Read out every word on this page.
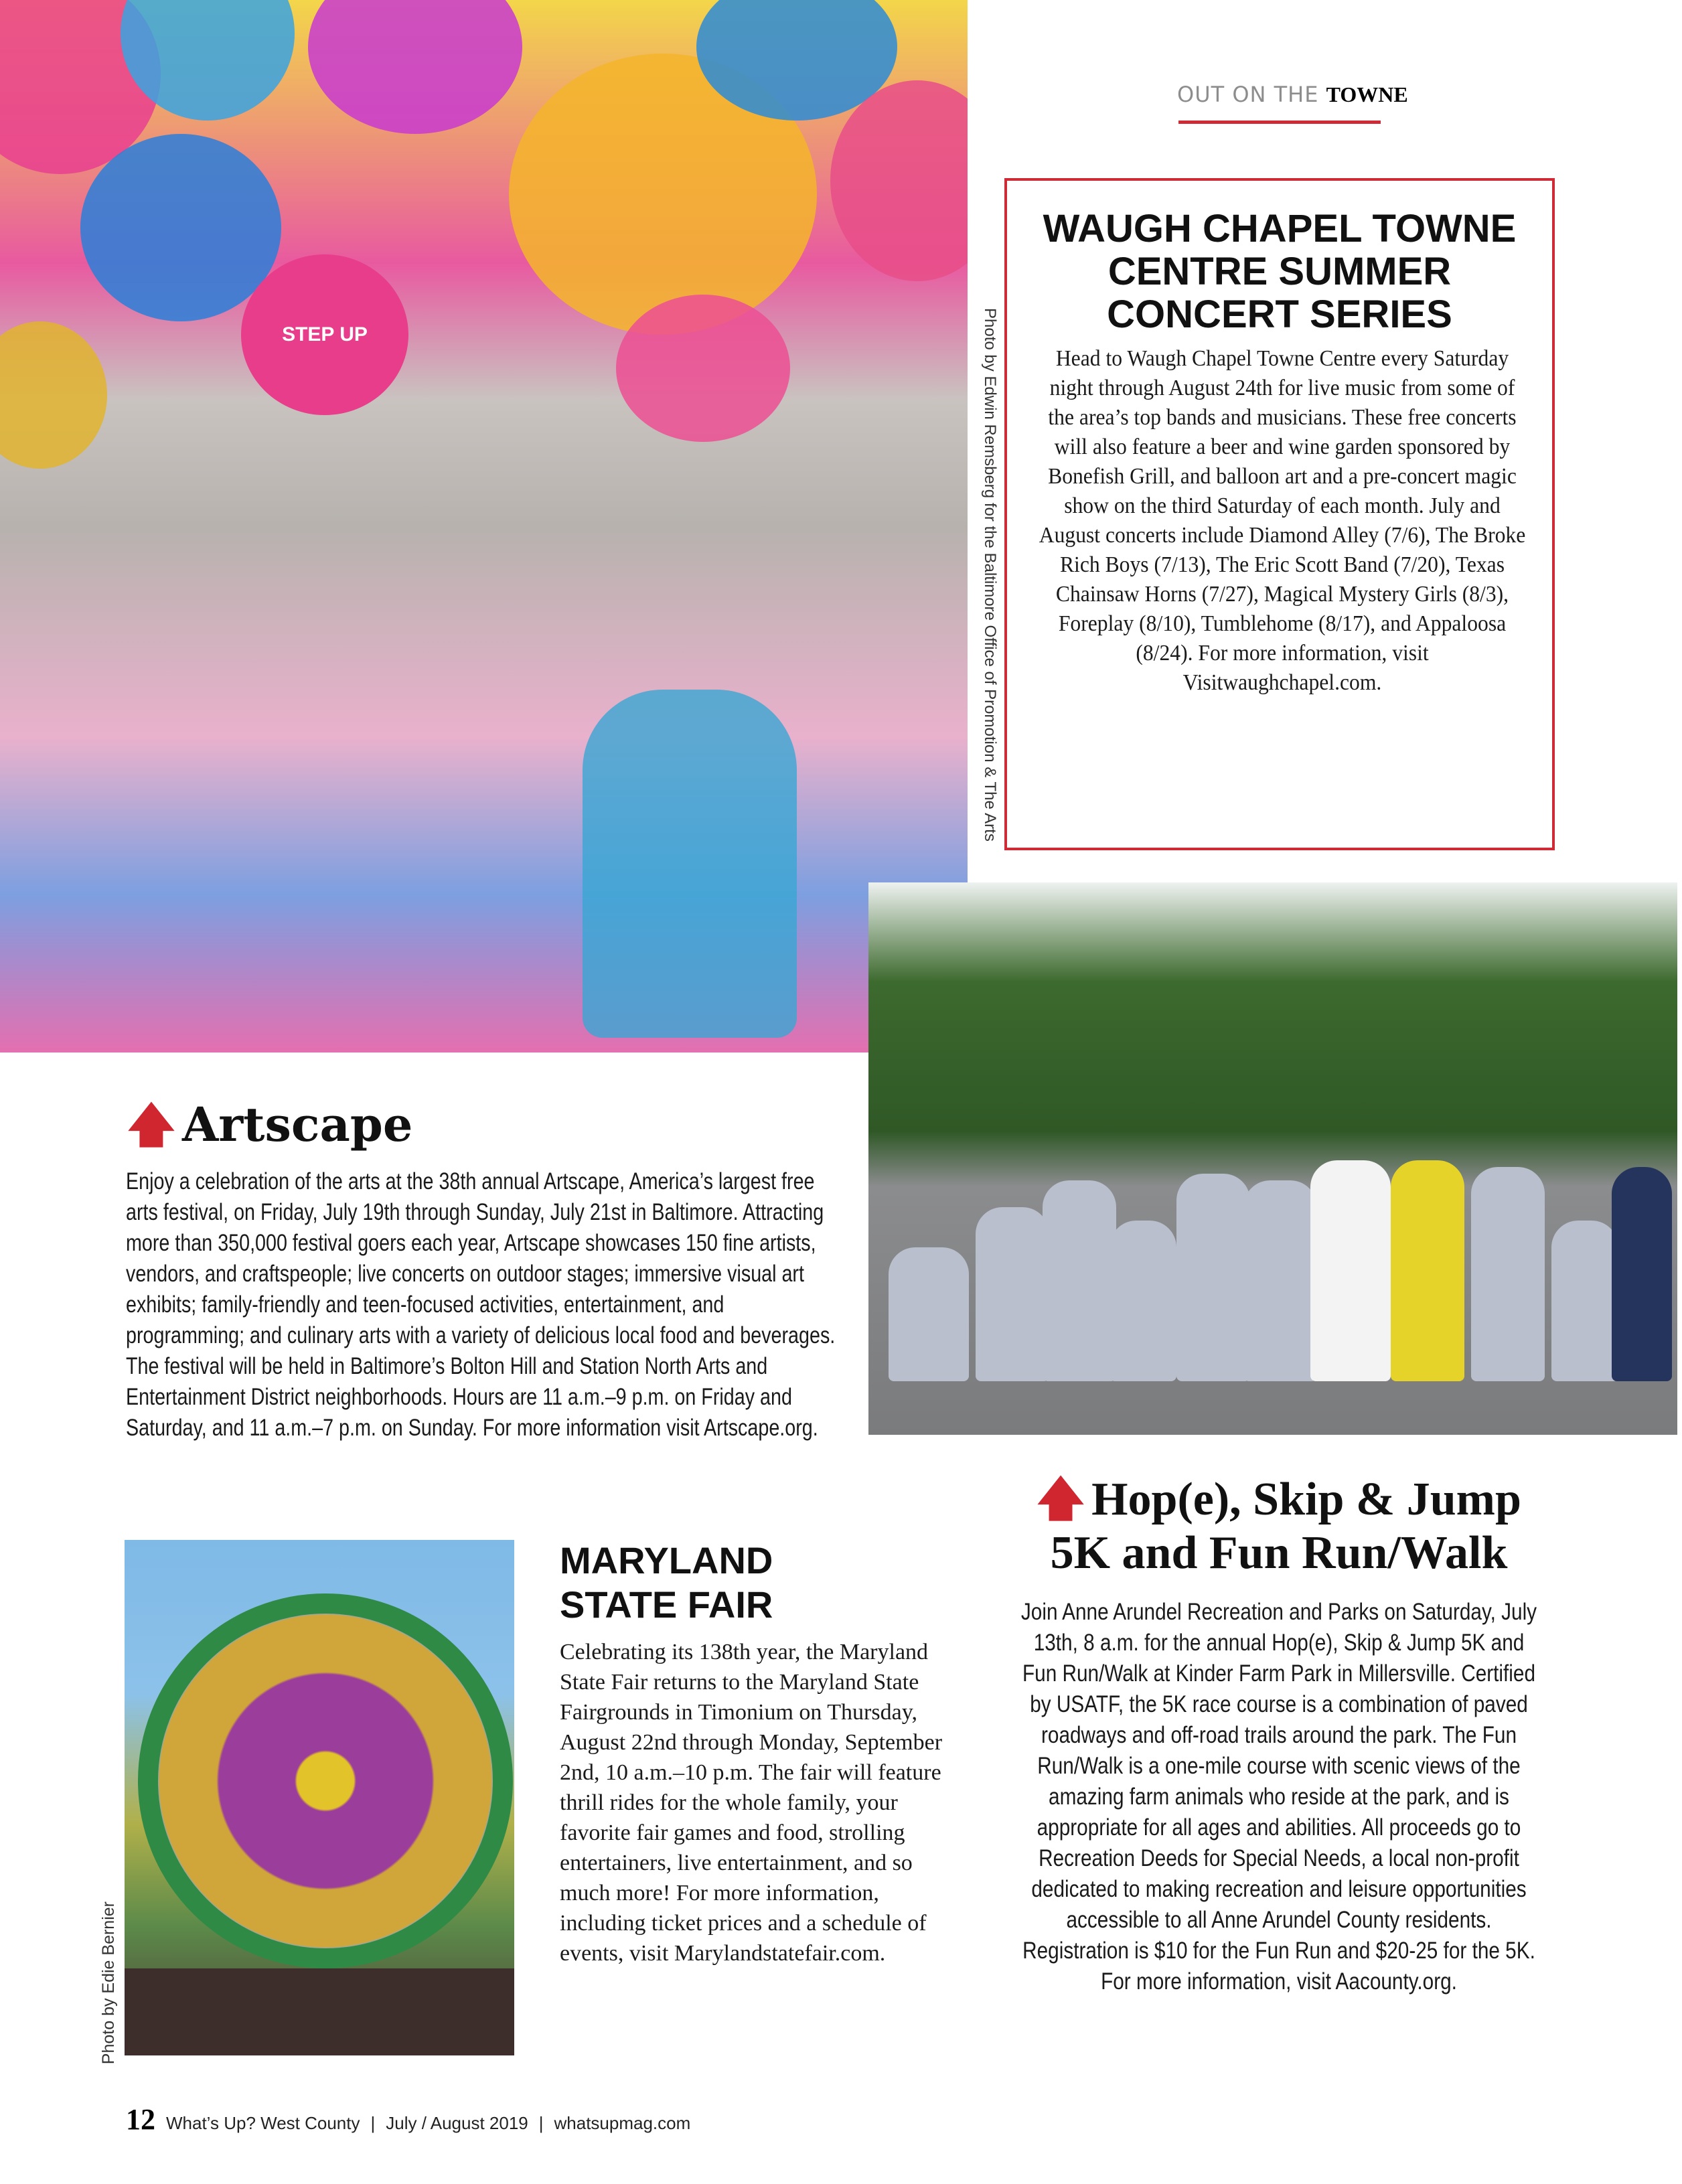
STEP UP	Photo by Edwin Remsberg for the Baltimore Office of Promotion & The Arts
OUT ON THE TOWNE
WAUGH CHAPEL TOWNE CENTRE SUMMER CONCERT SERIES

Head to Waugh Chapel Towne Centre every Saturday night through August 24th for live music from some of the area’s top bands and musicians. These free concerts will also feature a beer and wine garden sponsored by Bonefish Grill, and balloon art and a pre-concert magic show on the third Saturday of each month. July and August concerts include Diamond Alley (7/6), The Broke Rich Boys (7/13), The Eric Scott Band (7/20), Texas Chainsaw Horns (7/27), Magical Mystery Girls (8/3), Foreplay (8/10), Tumblehome (8/17), and Appaloosa (8/24). For more information, visit Visitwaughchapel.com.

🡅 Artscape
Enjoy a celebration of the arts at the 38th annual Artscape, America’s largest free arts festival, on Friday, July 19th through Sunday, July 21st in Baltimore. Attracting more than 350,000 festival goers each year, Artscape showcases 150 fine artists, vendors, and craftspeople; live concerts on outdoor stages; immersive visual art exhibits; family-friendly and teen-focused activities, entertainment, and programming; and culinary arts with a variety of delicious local food and beverages. The festival will be held in Baltimore’s Bolton Hill and Station North Arts and Entertainment District neighborhoods. Hours are 11 a.m.–9 p.m. on Friday and Saturday, and 11 a.m.–7 p.m. on Sunday. For more information visit Artscape.org.
Photo by Edie Bernier
MARYLAND
STATE FAIR
Celebrating its 138th year, the Maryland State Fair returns to the Maryland State Fairgrounds in Timonium on Thursday, August 22nd through Monday, September 2nd, 10 a.m.–10 p.m. The fair will feature thrill rides for the whole family, your favorite fair games and food, strolling entertainers, live entertainment, and so much more! For more information, including ticket prices and a schedule of events, visit Marylandstatefair.com.
🡅 Hop(e), Skip & Jump
5K and Fun Run/Walk
Join Anne Arundel Recreation and Parks on Saturday, July 13th, 8 a.m. for the annual Hop(e), Skip & Jump 5K and Fun Run/Walk at Kinder Farm Park in Millersville. Certified by USATF, the 5K race course is a combination of paved roadways and off-road trails around the park. The Fun Run/Walk is a one-mile course with scenic views of the amazing farm animals who reside at the park, and is appropriate for all ages and abilities. All proceeds go to Recreation Deeds for Special Needs, a local non-profit dedicated to making recreation and leisure opportunities accessible to all Anne Arundel County residents. Registration is $10 for the Fun Run and $20-25 for the 5K. For more information, visit Aacounty.org.
12 What’s Up? West County | July / August 2019 | whatsupmag.com
